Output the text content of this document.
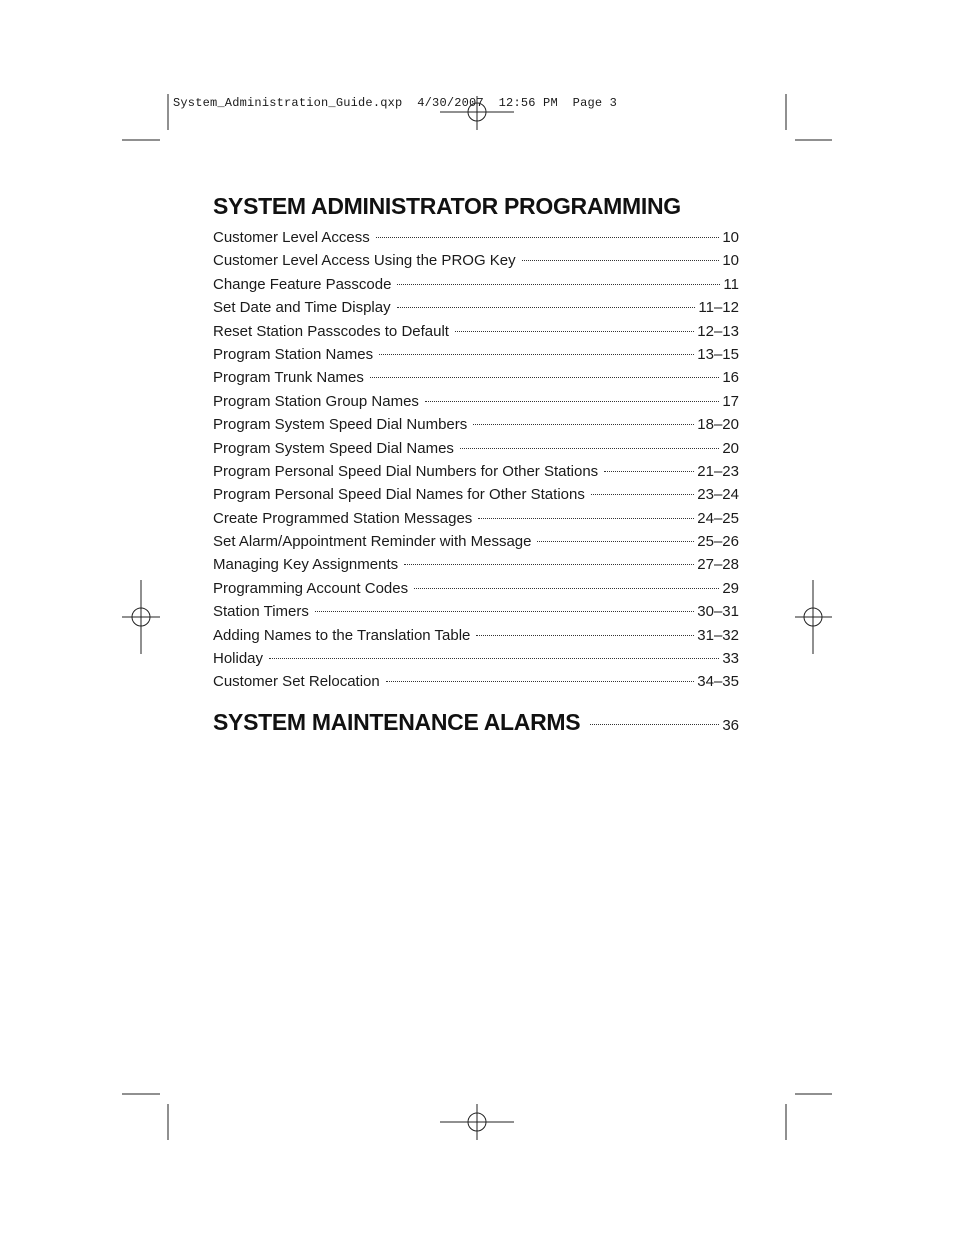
System_Administration_Guide.qxp  4/30/2007  12:56 PM  Page 3
SYSTEM ADMINISTRATOR PROGRAMMING
Customer Level Access	10
Customer Level Access Using the PROG Key	10
Change Feature Passcode	11
Set Date and Time Display	11–12
Reset Station Passcodes to Default	12–13
Program Station Names	13–15
Program Trunk Names	16
Program Station Group Names	17
Program System Speed Dial Numbers	18–20
Program System Speed Dial Names	20
Program Personal Speed Dial Numbers for Other Stations	21–23
Program Personal Speed Dial Names for Other Stations	23–24
Create Programmed Station Messages	24–25
Set Alarm/Appointment Reminder with Message	25–26
Managing Key Assignments	27–28
Programming Account Codes	29
Station Timers	30–31
Adding Names to the Translation Table	31–32
Holiday	33
Customer Set Relocation	34–35
SYSTEM MAINTENANCE ALARMS	36
